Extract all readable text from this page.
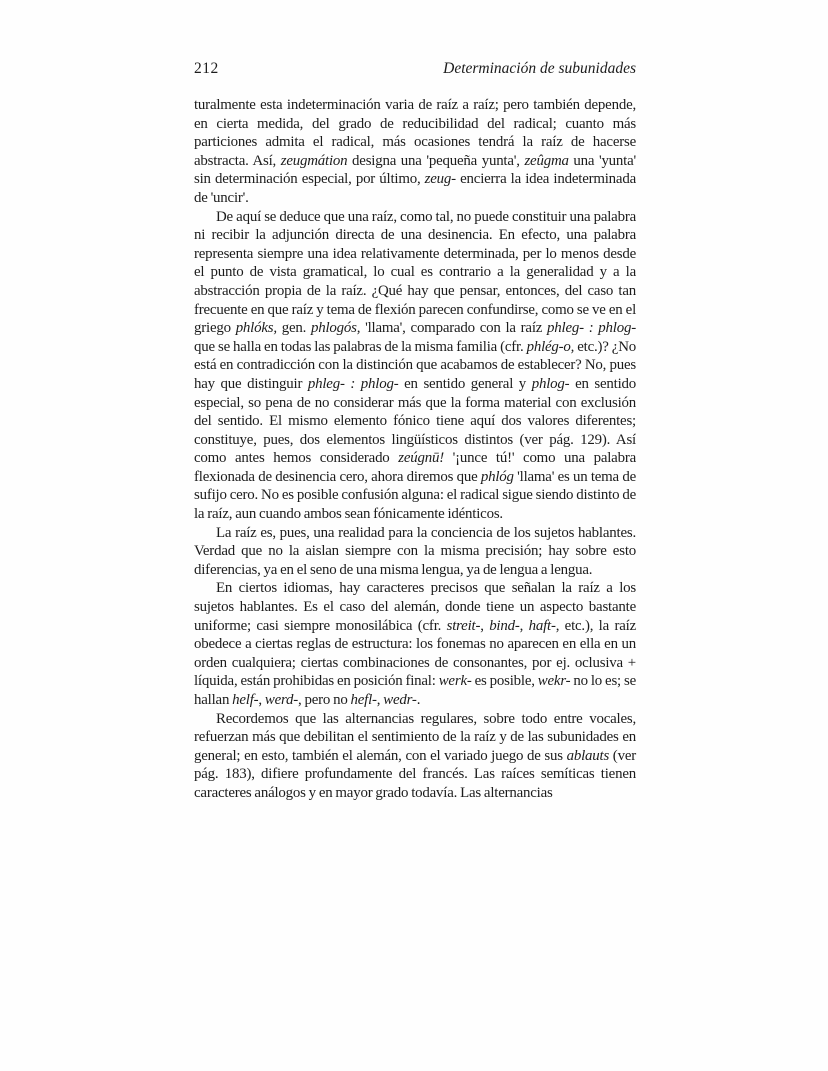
212	Determinación de subunidades

turalmente esta indeterminación varia de raíz a raíz; pero también depende, en cierta medida, del grado de reducibilidad del radical; cuanto más particiones admita el radical, más ocasiones tendrá la raíz de hacerse abstracta. Así, zeugmátion designa una 'pequeña yunta', zeûgma una 'yunta' sin determinación especial, por último, zeug- encierra la idea indeterminada de 'uncir'.

De aquí se deduce que una raíz, como tal, no puede constituir una palabra ni recibir la adjunción directa de una desinencia. En efecto, una palabra representa siempre una idea relativamente determinada, per lo menos desde el punto de vista gramatical, lo cual es contrario a la generalidad y a la abstracción propia de la raíz. ¿Qué hay que pensar, entonces, del caso tan frecuente en que raíz y tema de flexión parecen confundirse, como se ve en el griego phlóks, gen. phlogós, 'llama', comparado con la raíz phleg- : phlog- que se halla en todas las palabras de la misma familia (cfr. phlég-o, etc.)? ¿No está en contradicción con la distinción que acabamos de establecer? No, pues hay que distinguir phleg- : phlog- en sentido general y phlog- en sentido especial, so pena de no considerar más que la forma material con exclusión del sentido. El mismo elemento fónico tiene aquí dos valores diferentes; constituye, pues, dos elementos lingüísticos distintos (ver pág. 129). Así como antes hemos considerado zeúgnū! '¡unce tú!' como una palabra flexionada de desinencia cero, ahora diremos que phlóg 'llama' es un tema de sufijo cero. No es posible confusión alguna: el radical sigue siendo distinto de la raíz, aun cuando ambos sean fónicamente idénticos.

La raíz es, pues, una realidad para la conciencia de los sujetos hablantes. Verdad que no la aislan siempre con la misma precisión; hay sobre esto diferencias, ya en el seno de una misma lengua, ya de lengua a lengua.

En ciertos idiomas, hay caracteres precisos que señalan la raíz a los sujetos hablantes. Es el caso del alemán, donde tiene un aspecto bastante uniforme; casi siempre monosilábica (cfr. streit-, bind-, haft-, etc.), la raíz obedece a ciertas reglas de estructura: los fonemas no aparecen en ella en un orden cualquiera; ciertas combinaciones de consonantes, por ej. oclusiva + líquida, están prohibidas en posición final: werk- es posible, wekr- no lo es; se hallan helf-, werd-, pero no hefl-, wedr-.

Recordemos que las alternancias regulares, sobre todo entre vocales, refuerzan más que debilitan el sentimiento de la raíz y de las subunidades en general; en esto, también el alemán, con el variado juego de sus ablauts (ver pág. 183), difiere profundamente del francés. Las raíces semíticas tienen caracteres análogos y en mayor grado todavía. Las alternancias
